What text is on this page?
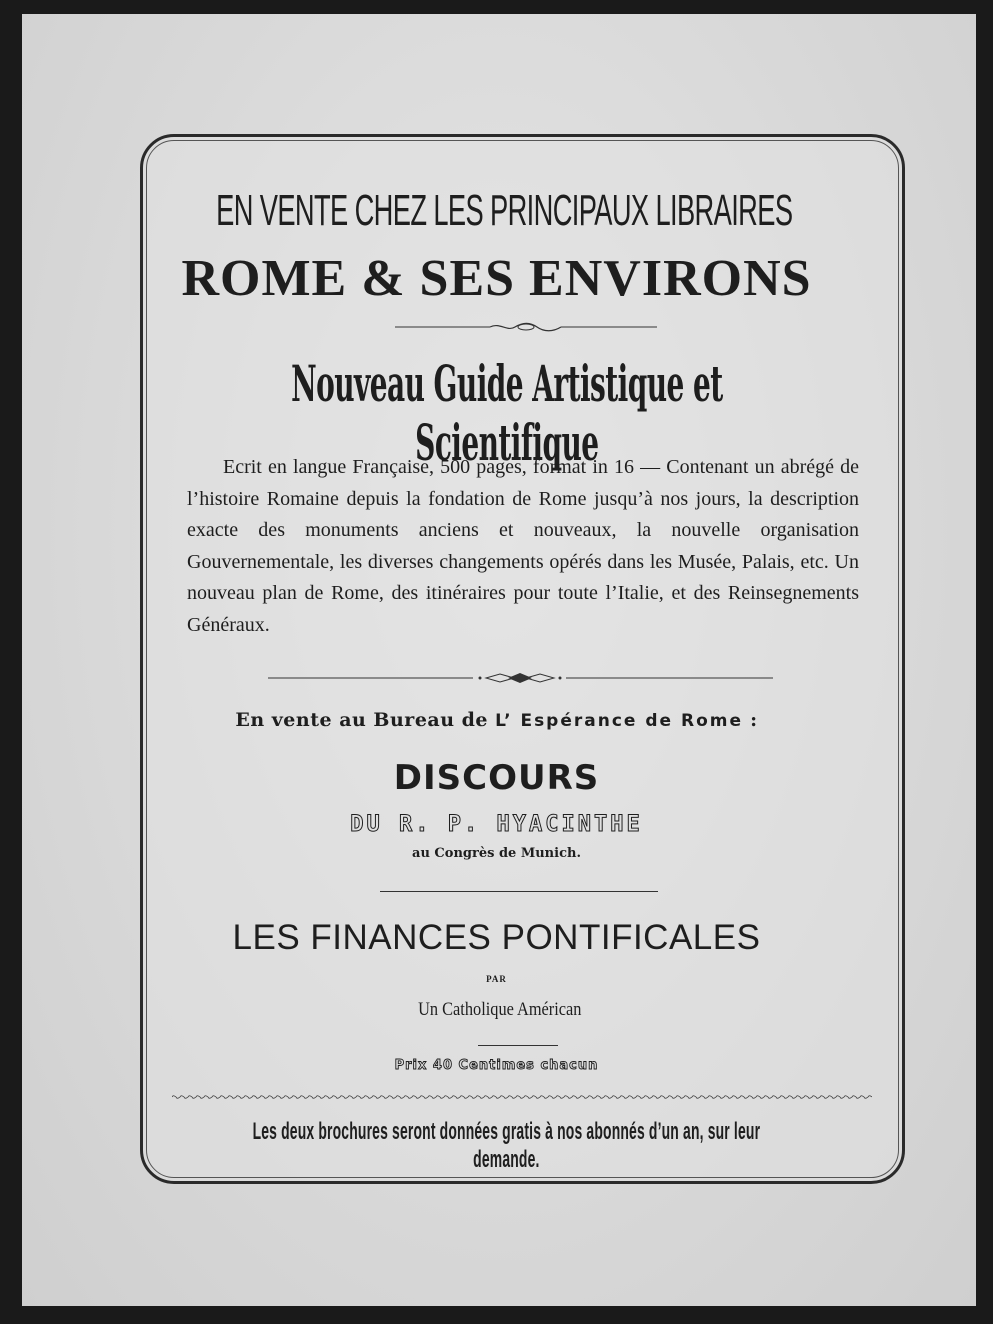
EN VENTE CHEZ LES PRINCIPAUX LIBRAIRES
ROME & SES ENVIRONS
Nouveau Guide Artistique et Scientifique

Ecrit en langue Française, 500 pages, format in 16 — Contenant un abrégé de l’histoire Romaine depuis la fondation de Rome jusqu’à nos jours, la description exacte des monuments anciens et nouveaux, la nouvelle organisation Gouvernementale, les diverses changements opérés dans les Musée, Palais, etc. Un nouveau plan de Rome, des itinéraires pour toute l’Italie, et des Reinsegnements Généraux.

En vente au Bureau de L’ Espérance de Rome :

DISCOURS

DU R. P. HYACINTHE

au Congrès de Munich.

LES FINANCES PONTIFICALES

PAR

Un Catholique Américan

Prix 40 Centimes chacun

Les deux brochures seront données gratis à nos abonnés d’un an, sur leur demande.
